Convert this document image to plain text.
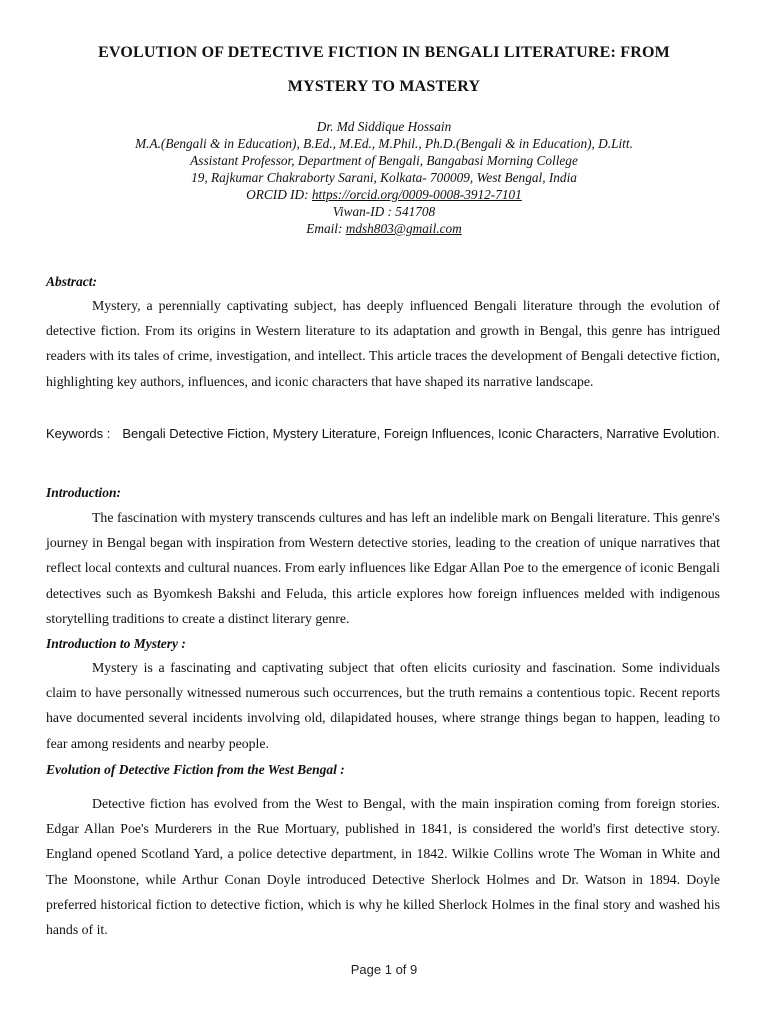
EVOLUTION OF DETECTIVE FICTION IN BENGALI LITERATURE: FROM
MYSTERY TO MASTERY
Dr. Md Siddique Hossain
M.A.(Bengali & in Education), B.Ed., M.Ed., M.Phil., Ph.D.(Bengali & in Education), D.Litt.
Assistant Professor, Department of Bengali, Bangabasi Morning College
19, Rajkumar Chakraborty Sarani, Kolkata- 700009, West Bengal, India
ORCID ID: https://orcid.org/0009-0008-3912-7101
Viwan-ID : 541708
Email: mdsh803@gmail.com
Abstract:

Mystery, a perennially captivating subject, has deeply influenced Bengali literature through the evolution of detective fiction. From its origins in Western literature to its adaptation and growth in Bengal, this genre has intrigued readers with its tales of crime, investigation, and intellect. This article traces the development of Bengali detective fiction, highlighting key authors, influences, and iconic characters that have shaped its narrative landscape.

Keywords : Bengali Detective Fiction, Mystery Literature, Foreign Influences, Iconic Characters, Narrative Evolution.

Introduction:

The fascination with mystery transcends cultures and has left an indelible mark on Bengali literature. This genre's journey in Bengal began with inspiration from Western detective stories, leading to the creation of unique narratives that reflect local contexts and cultural nuances. From early influences like Edgar Allan Poe to the emergence of iconic Bengali detectives such as Byomkesh Bakshi and Feluda, this article explores how foreign influences melded with indigenous storytelling traditions to create a distinct literary genre.

Introduction to Mystery :

Mystery is a fascinating and captivating subject that often elicits curiosity and fascination. Some individuals claim to have personally witnessed numerous such occurrences, but the truth remains a contentious topic. Recent reports have documented several incidents involving old, dilapidated houses, where strange things began to happen, leading to fear among residents and nearby people.

Evolution of Detective Fiction from the West Bengal :

Detective fiction has evolved from the West to Bengal, with the main inspiration coming from foreign stories. Edgar Allan Poe's Murderers in the Rue Mortuary, published in 1841, is considered the world's first detective story. England opened Scotland Yard, a police detective department, in 1842. Wilkie Collins wrote The Woman in White and The Moonstone, while Arthur Conan Doyle introduced Detective Sherlock Holmes and Dr. Watson in 1894. Doyle preferred historical fiction to detective fiction, which is why he killed Sherlock Holmes in the final story and washed his hands of it.

Page 1 of 9
